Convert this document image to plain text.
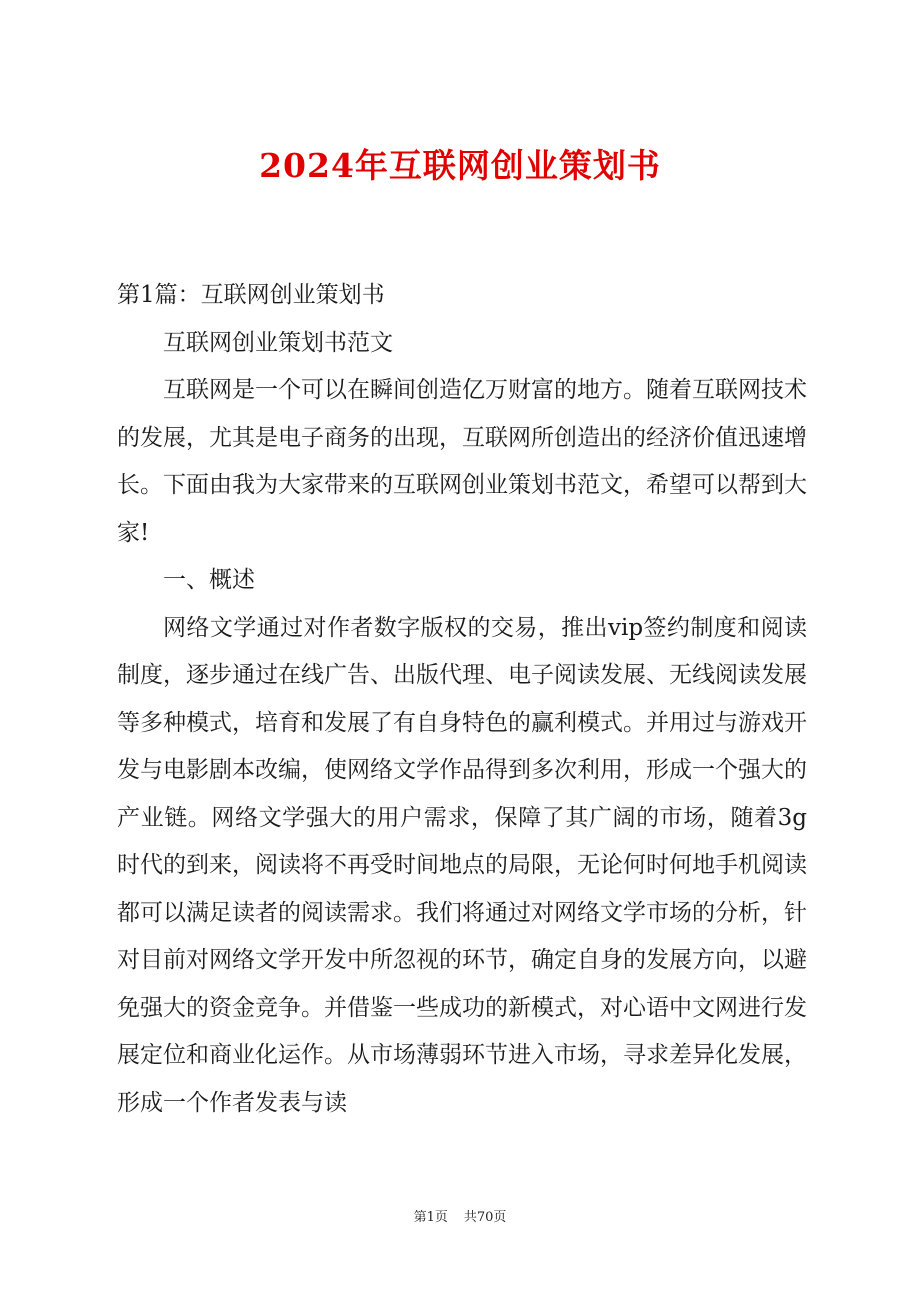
2024年互联网创业策划书

第1篇：互联网创业策划书

互联网创业策划书范文

互联网是一个可以在瞬间创造亿万财富的地方。随着互联网技术的发展，尤其是电子商务的出现，互联网所创造出的经济价值迅速增长。下面由我为大家带来的互联网创业策划书范文，希望可以帮到大家!

一、概述

网络文学通过对作者数字版权的交易，推出vip签约制度和阅读制度，逐步通过在线广告、出版代理、电子阅读发展、无线阅读发展等多种模式，培育和发展了有自身特色的赢利模式。并用过与游戏开发与电影剧本改编，使网络文学作品得到多次利用，形成一个强大的产业链。网络文学强大的用户需求，保障了其广阔的市场，随着3g时代的到来，阅读将不再受时间地点的局限，无论何时何地手机阅读都可以满足读者的阅读需求。我们将通过对网络文学市场的分析，针对目前对网络文学开发中所忽视的环节，确定自身的发展方向，以避免强大的资金竞争。并借鉴一些成功的新模式，对心语中文网进行发展定位和商业化运作。从市场薄弱环节进入市场，寻求差异化发展，形成一个作者发表与读

第1页 共70页
